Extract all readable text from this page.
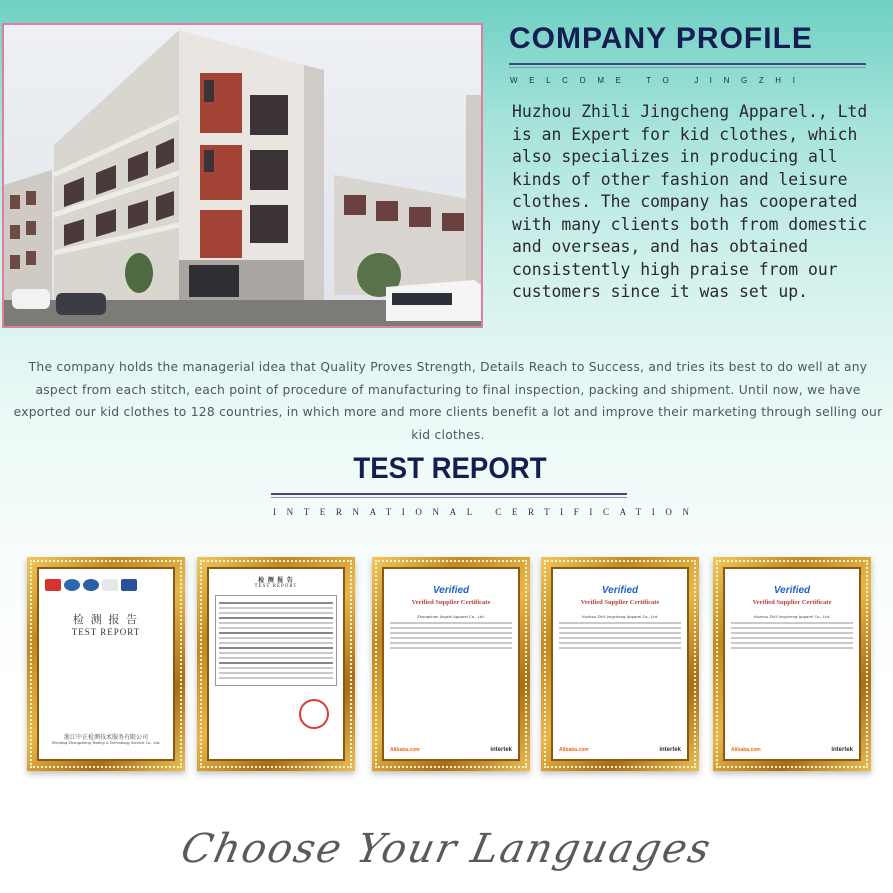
COMPANY PROFILE
WELCOME TO JINGZHI
Huzhou Zhili Jingcheng Apparel., Ltd is an Expert for kid clothes, which also specializes in producing all kinds of other fashion and leisure clothes. The company has cooperated with many clients both from domestic and overseas, and has obtained consistently high praise from our customers since it was set up.
The company holds the managerial idea that Quality Proves Strength, Details Reach to Success, and tries its best to do well at any aspect from each stitch, each point of procedure of manufacturing to final inspection, packing and shipment. Until now, we have exported our kid clothes to 128 countries, in which more and more clients benefit a lot and improve their marketing through selling our kid clothes.
TEST REPORT
INTERNATIONAL CERTIFICATION
检 测 报 告
TEST REPORT
浙江中正检测技术服务有限公司
Zhejiang Zhongzheng Testing & Technology Service Co., Ltd.
检 测 报 告
TEST REPORT	Verified
Verified Supplier Certificate
Zhongshan Jingzhi Apparel Co., Ltd.
Alibaba.com	intertek
Verified
Verified Supplier Certificate
Huzhou Zhili Jingcheng Apparel Co., Ltd.
Alibaba.com	intertek
Verified
Verified Supplier Certificate
Huzhou Zhili Jingcheng Apparel Co., Ltd.
Alibaba.com	intertek
Choose Your Languages
